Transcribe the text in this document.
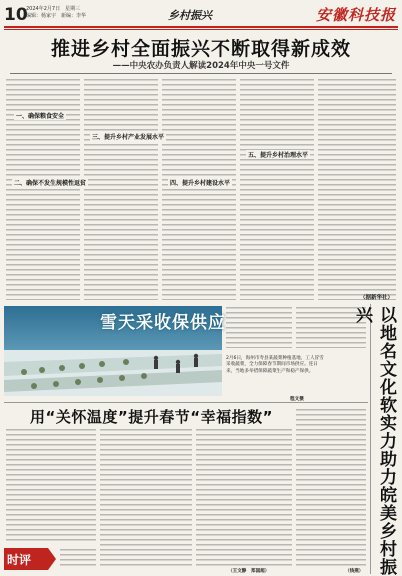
10
2024年2月7日　星期三
编辑：杨家宇　新编：李华	乡村振兴	安徽科技报
推进乡村全面振兴不断取得新成效
——中央农办负责人解读2024年中央一号文件
一、确保粮食安全
二、确保不发生规模性返贫
三、提升乡村产业发展水平
四、提升乡村建设水平
五、提升乡村治理水平
（据新华社）
雪天采收保供应
2月6日，海州市寿县某蔬菜种植基地，工人冒雪采收蔬菜，全力保障春节期间市场供应。连日来，当地多举措保障蔬菜生产和稳产保供。
程文摄	以地名文化软实力助力皖美乡村振兴
（钱燕）
用“关怀温度”提升春节“幸福指数”
时评
（王文静　郑国超）
